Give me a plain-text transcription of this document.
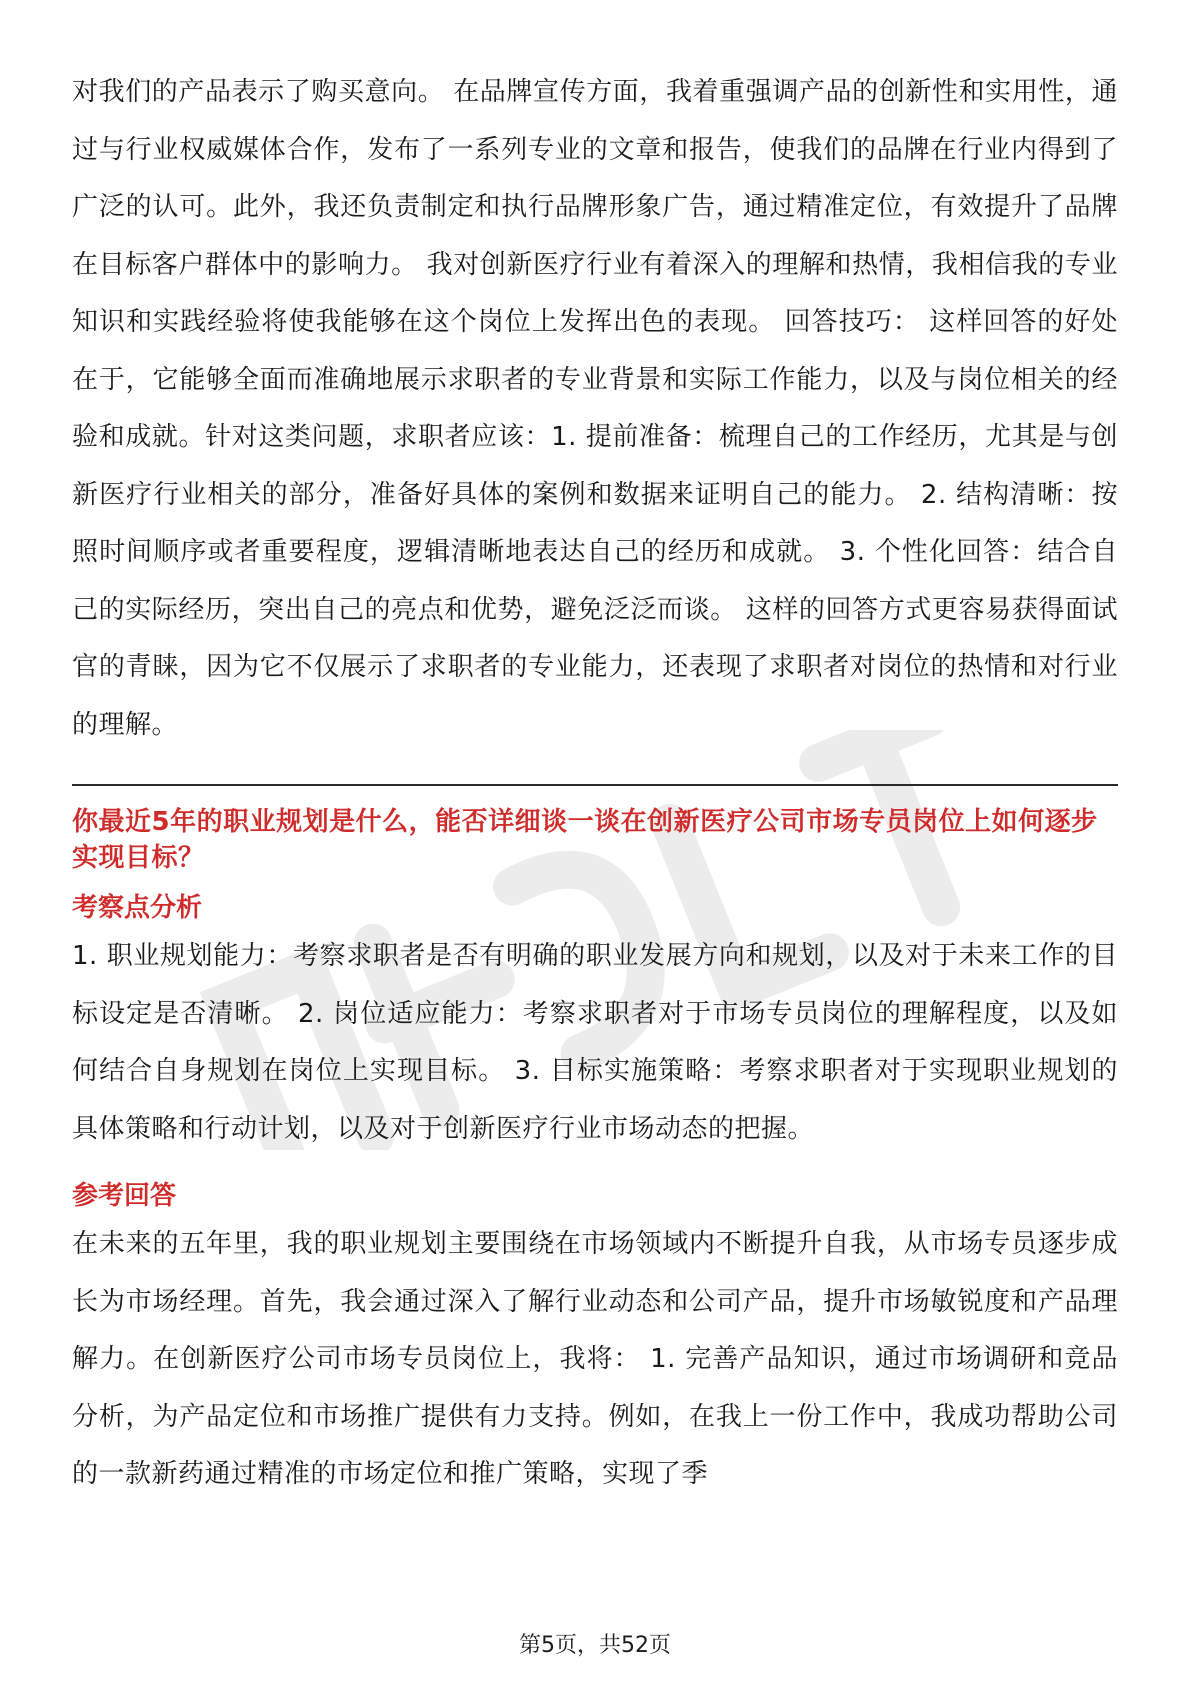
对我们的产品表示了购买意向。 在品牌宣传方面，我着重强调产品的创新性和实用性，通过与行业权威媒体合作，发布了一系列专业的文章和报告，使我们的品牌在行业内得到了广泛的认可。此外，我还负责制定和执行品牌形象广告，通过精准定位，有效提升了品牌在目标客户群体中的影响力。 我对创新医疗行业有着深入的理解和热情，我相信我的专业知识和实践经验将使我能够在这个岗位上发挥出色的表现。 回答技巧： 这样回答的好处在于，它能够全面而准确地展示求职者的专业背景和实际工作能力，以及与岗位相关的经验和成就。针对这类问题，求职者应该：1. 提前准备：梳理自己的工作经历，尤其是与创新医疗行业相关的部分，准备好具体的案例和数据来证明自己的能力。 2. 结构清晰：按照时间顺序或者重要程度，逻辑清晰地表达自己的经历和成就。 3. 个性化回答：结合自己的实际经历，突出自己的亮点和优势，避免泛泛而谈。 这样的回答方式更容易获得面试官的青睐，因为它不仅展示了求职者的专业能力，还表现了求职者对岗位的热情和对行业的理解。

你最近5年的职业规划是什么，能否详细谈一谈在创新医疗公司市场专员岗位上如何逐步实现目标？

考察点分析

1. 职业规划能力：考察求职者是否有明确的职业发展方向和规划，以及对于未来工作的目标设定是否清晰。 2. 岗位适应能力：考察求职者对于市场专员岗位的理解程度，以及如何结合自身规划在岗位上实现目标。 3. 目标实施策略：考察求职者对于实现职业规划的具体策略和行动计划，以及对于创新医疗行业市场动态的把握。

参考回答

在未来的五年里，我的职业规划主要围绕在市场领域内不断提升自我，从市场专员逐步成长为市场经理。首先，我会通过深入了解行业动态和公司产品，提升市场敏锐度和产品理解力。在创新医疗公司市场专员岗位上，我将： 1. 完善产品知识，通过市场调研和竞品分析，为产品定位和市场推广提供有力支持。例如，在我上一份工作中，我成功帮助公司的一款新药通过精准的市场定位和推广策略，实现了季

第5页，共52页
